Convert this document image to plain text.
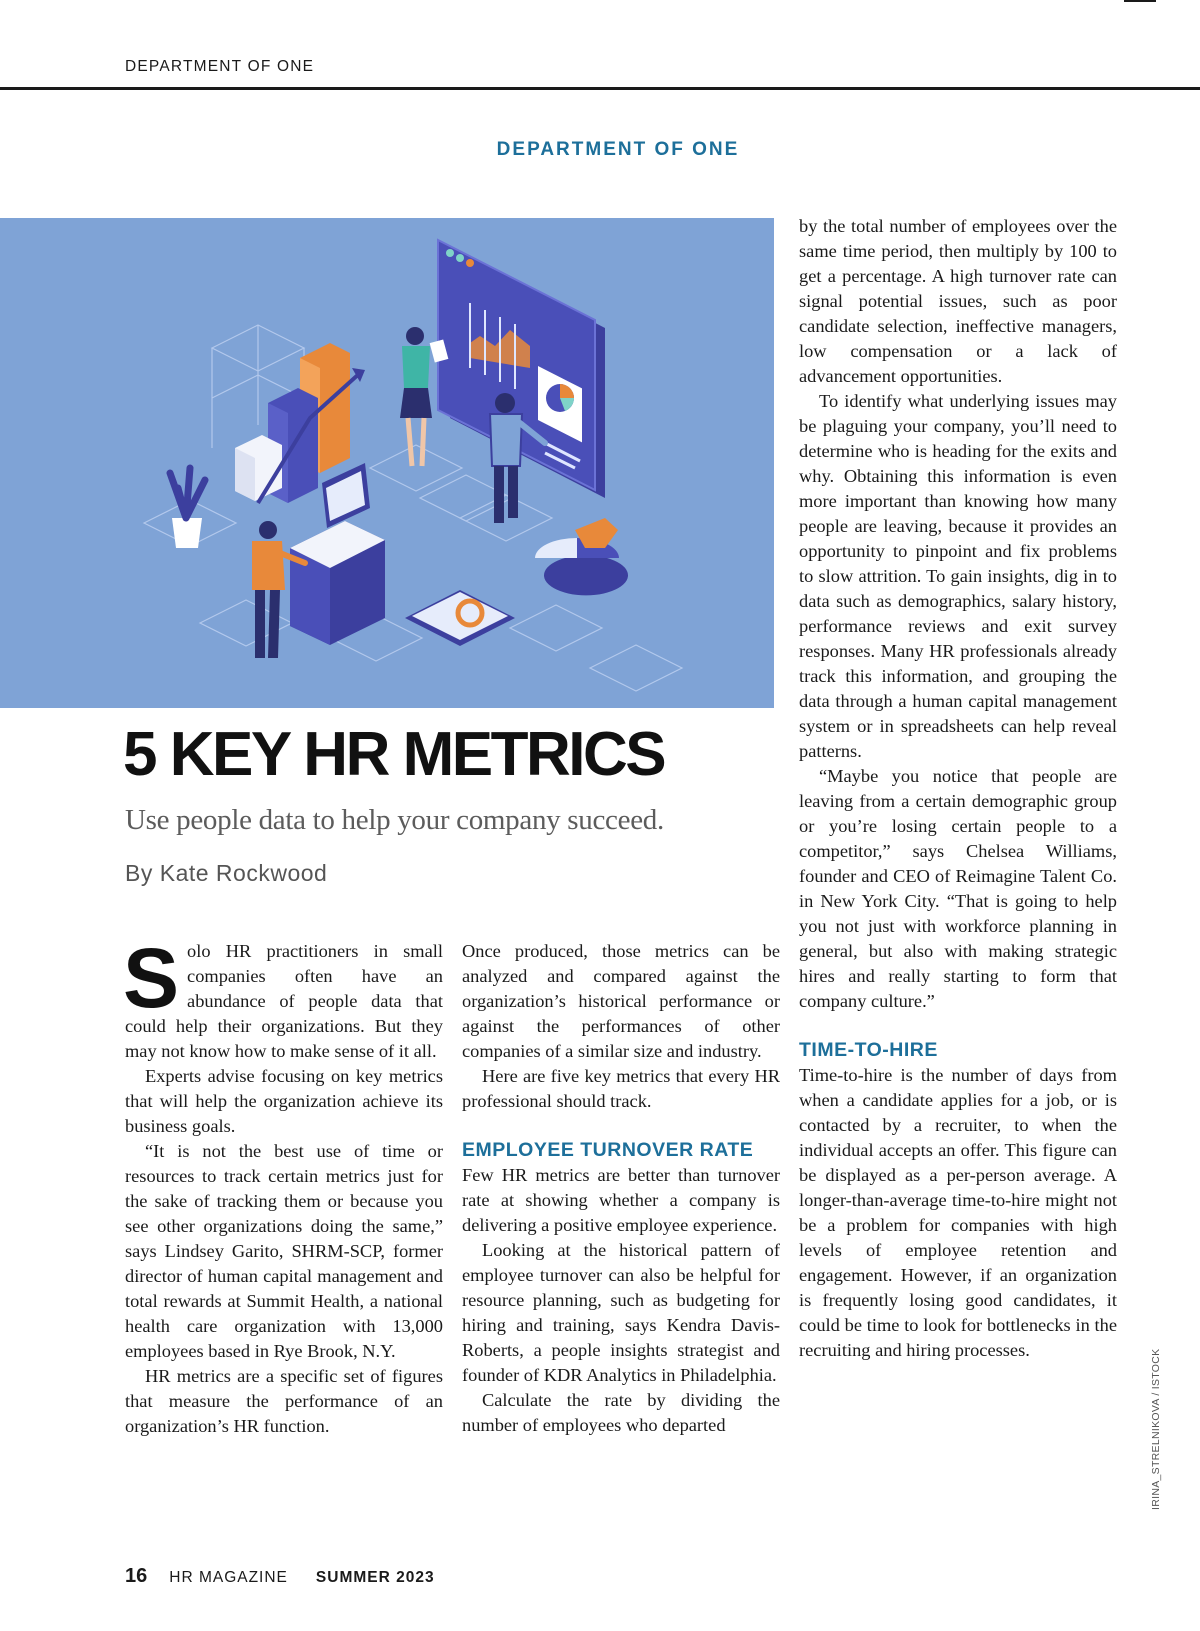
DEPARTMENT OF ONE
DEPARTMENT OF ONE
5 KEY HR METRICS
Use people data to help your company succeed.
By Kate Rockwood

Solo HR practitioners in small companies often have an abundance of people data that could help their organizations. But they may not know how to make sense of it all.

Experts advise focusing on key metrics that will help the organization achieve its business goals.

“It is not the best use of time or resources to track certain metrics just for the sake of tracking them or because you see other organizations doing the same,” says Lindsey Garito, SHRM-SCP, former director of human capital management and total rewards at Summit Health, a national health care organization with 13,000 employees based in Rye Brook, N.Y.

HR metrics are a specific set of figures that measure the performance of an organization’s HR function.

Once produced, those metrics can be analyzed and compared against the organization’s historical performance or against the performances of other companies of a similar size and industry.

Here are five key metrics that every HR professional should track.

EMPLOYEE TURNOVER RATE

Few HR metrics are better than turnover rate at showing whether a company is delivering a positive employee experience.

Looking at the historical pattern of employee turnover can also be helpful for resource planning, such as budgeting for hiring and training, says Kendra Davis-Roberts, a people insights strategist and founder of KDR Analytics in Philadelphia.

Calculate the rate by dividing the number of employees who departed

by the total number of employees over the same time period, then multiply by 100 to get a percentage. A high turnover rate can signal potential issues, such as poor candidate selection, ineffective managers, low compensation or a lack of advancement opportunities.

To identify what underlying issues may be plaguing your company, you’ll need to determine who is heading for the exits and why. Obtaining this information is even more important than knowing how many people are leaving, because it provides an opportunity to pinpoint and fix problems to slow attrition. To gain insights, dig in to data such as demographics, salary history, performance reviews and exit survey responses. Many HR professionals already track this information, and grouping the data through a human capital management system or in spreadsheets can help reveal patterns.

“Maybe you notice that people are leaving from a certain demographic group or you’re losing certain people to a competitor,” says Chelsea Williams, founder and CEO of Reimagine Talent Co. in New York City. “That is going to help you not just with workforce planning in general, but also with making strategic hires and really starting to form that company culture.”

TIME-TO-HIRE

Time-to-hire is the number of days from when a candidate applies for a job, or is contacted by a recruiter, to when the individual accepts an offer. This figure can be displayed as a per-person average. A longer-than-average time-to-hire might not be a problem for companies with high levels of employee retention and engagement. However, if an organization is frequently losing good candidates, it could be time to look for bottlenecks in the recruiting and hiring processes.	IRINA_STRELNIKOVA / ISTOCK
16 HR MAGAZINE SUMMER 2023
